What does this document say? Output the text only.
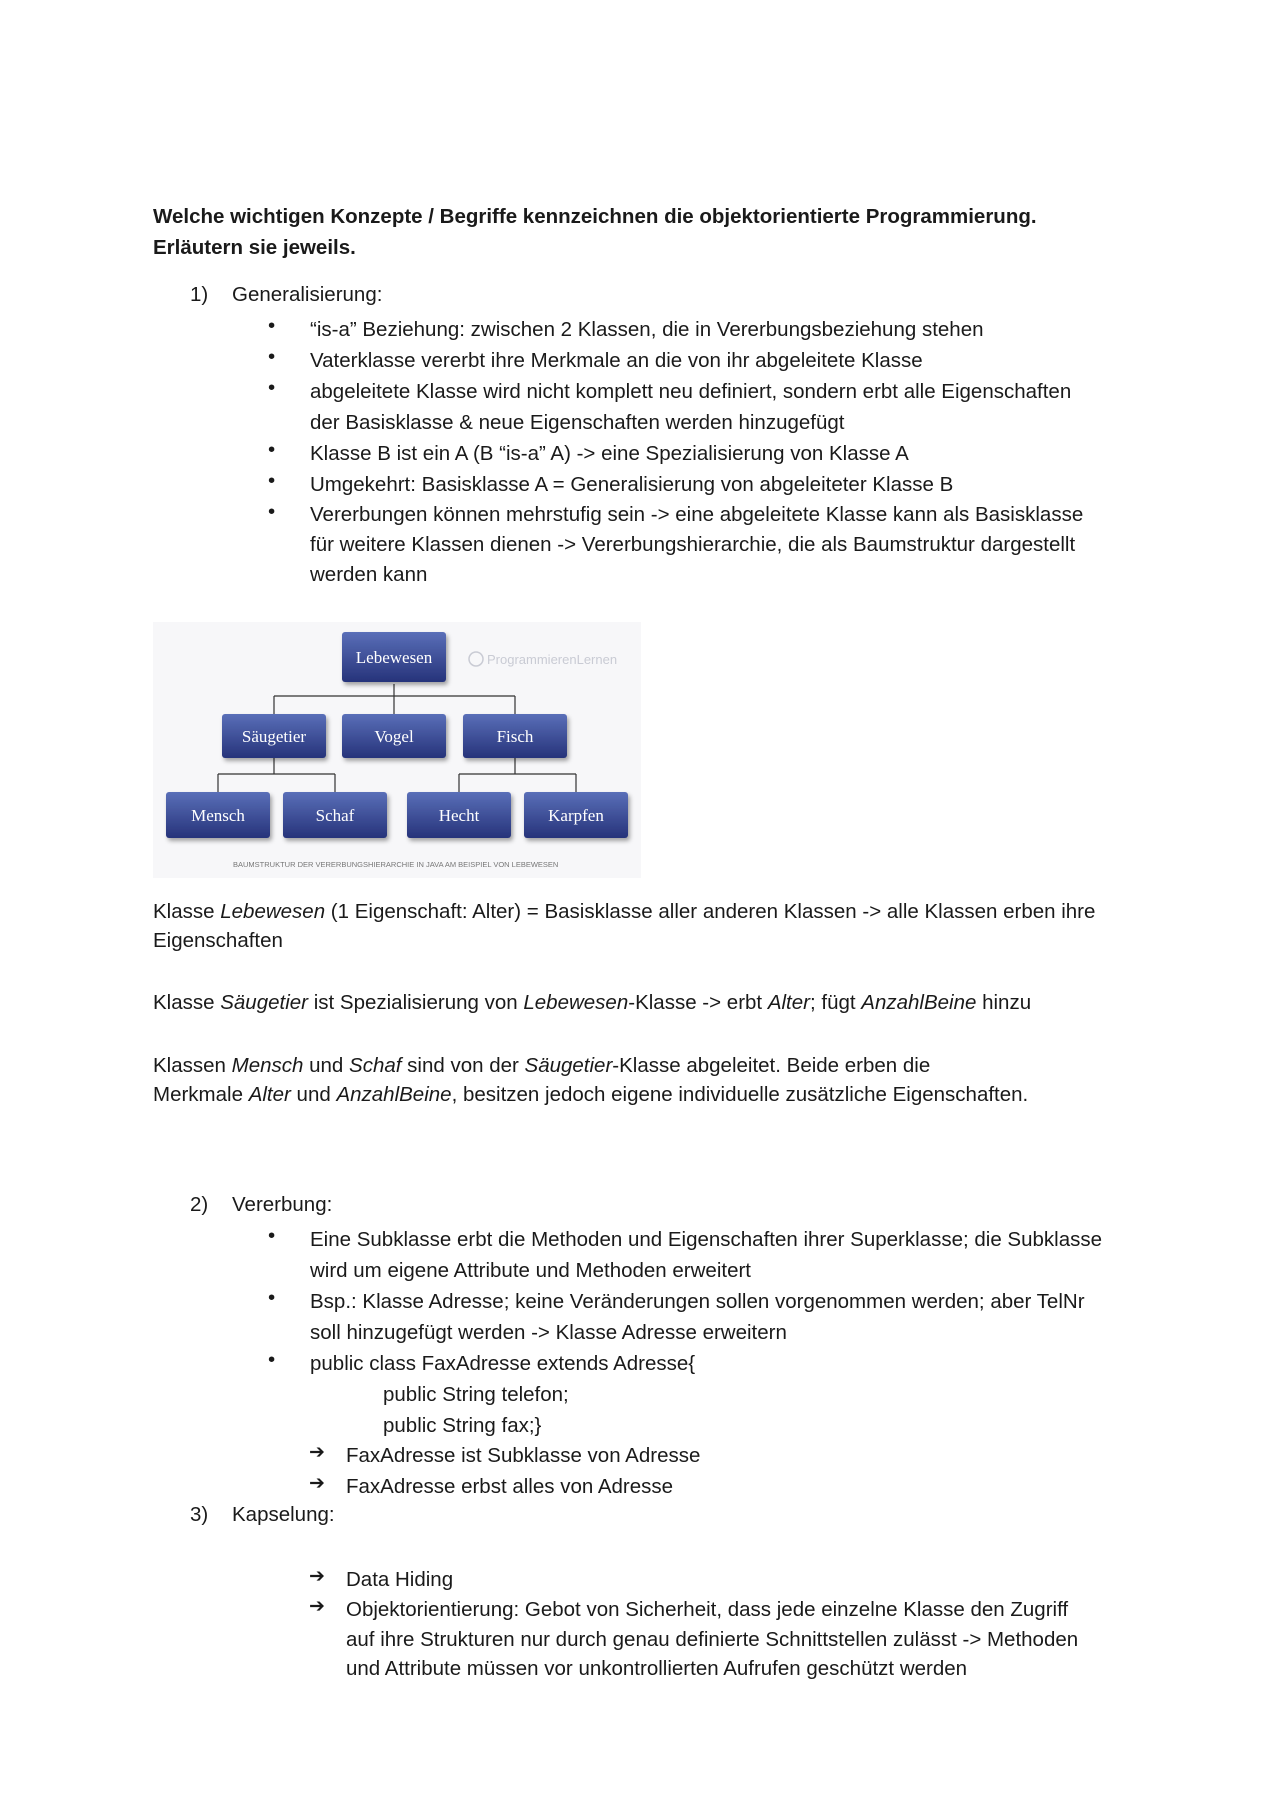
Welche wichtigen Konzepte / Begriffe kennzeichnen die objektorientierte Programmierung.
Erläutern sie jeweils.
1) Generalisierung:
• “is-a” Beziehung: zwischen 2 Klassen, die in Vererbungsbeziehung stehen
• Vaterklasse vererbt ihre Merkmale an die von ihr abgeleitete Klasse
• abgeleitete Klasse wird nicht komplett neu definiert, sondern erbt alle Eigenschaften
der Basisklasse & neue Eigenschaften werden hinzugefügt
• Klasse B ist ein A (B “is-a” A) -> eine Spezialisierung von Klasse A
• Umgekehrt: Basisklasse A = Generalisierung von abgeleiteter Klasse B
• Vererbungen können mehrstufig sein -> eine abgeleitete Klasse kann als Basisklasse
für weitere Klassen dienen -> Vererbungshierarchie, die als Baumstruktur dargestellt
werden kann
ProgrammierenLernen
Lebewesen
Säugetier	Vogel	Fisch
Mensch	Schaf	Hecht	Karpfen
BAUMSTRUKTUR DER VERERBUNGSHIERARCHIE IN JAVA AM BEISPIEL VON LEBEWESEN
Klasse Lebewesen (1 Eigenschaft: Alter) = Basisklasse aller anderen Klassen -> alle Klassen erben ihre
Eigenschaften
Klasse Säugetier ist Spezialisierung von Lebewesen-Klasse -> erbt Alter; fügt AnzahlBeine hinzu
Klassen Mensch und Schaf sind von der Säugetier-Klasse abgeleitet. Beide erben die
Merkmale Alter und AnzahlBeine, besitzen jedoch eigene individuelle zusätzliche Eigenschaften.
2) Vererbung:
• Eine Subklasse erbt die Methoden und Eigenschaften ihrer Superklasse; die Subklasse
wird um eigene Attribute und Methoden erweitert
• Bsp.: Klasse Adresse; keine Veränderungen sollen vorgenommen werden; aber TelNr
soll hinzugefügt werden -> Klasse Adresse erweitern
• public class FaxAdresse extends Adresse{
public String telefon;
public String fax;}
➔ FaxAdresse ist Subklasse von Adresse
➔ FaxAdresse erbst alles von Adresse
3) Kapselung:
➔ Data Hiding
➔ Objektorientierung: Gebot von Sicherheit, dass jede einzelne Klasse den Zugriff
auf ihre Strukturen nur durch genau definierte Schnittstellen zulässt -> Methoden
und Attribute müssen vor unkontrollierten Aufrufen geschützt werden
